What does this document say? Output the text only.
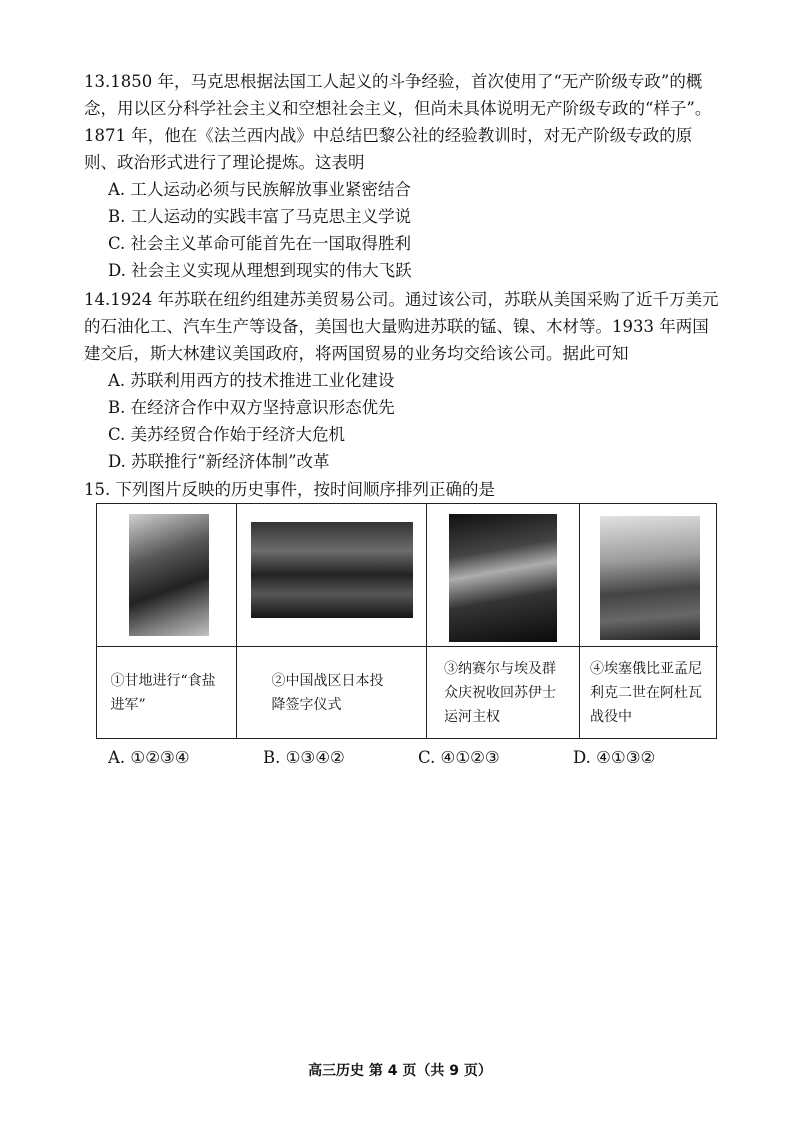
13.1850 年，马克思根据法国工人起义的斗争经验，首次使用了“无产阶级专政”的概念，用以区分科学社会主义和空想社会主义，但尚未具体说明无产阶级专政的“样子”。1871 年，他在《法兰西内战》中总结巴黎公社的经验教训时，对无产阶级专政的原则、政治形式进行了理论提炼。这表明

A. 工人运动必须与民族解放事业紧密结合

B. 工人运动的实践丰富了马克思主义学说

C. 社会主义革命可能首先在一国取得胜利

D. 社会主义实现从理想到现实的伟大飞跃

14.1924 年苏联在纽约组建苏美贸易公司。通过该公司，苏联从美国采购了近千万美元的石油化工、汽车生产等设备，美国也大量购进苏联的锰、镍、木材等。1933 年两国建交后，斯大林建议美国政府，将两国贸易的业务均交给该公司。据此可知

A. 苏联利用西方的技术推进工业化建设

B. 在经济合作中双方坚持意识形态优先

C. 美苏经贸合作始于经济大危机

D. 苏联推行“新经济体制”改革

15. 下列图片反映的历史事件，按时间顺序排列正确的是

①甘地进行“食盐进军”
②中国战区日本投降签字仪式
③纳赛尔与埃及群众庆祝收回苏伊士运河主权
④埃塞俄比亚孟尼利克二世在阿杜瓦战役中
A. ①②③④	B. ①③④②	C. ④①②③	D. ④①③②
高三历史 第 4 页（共 9 页）
